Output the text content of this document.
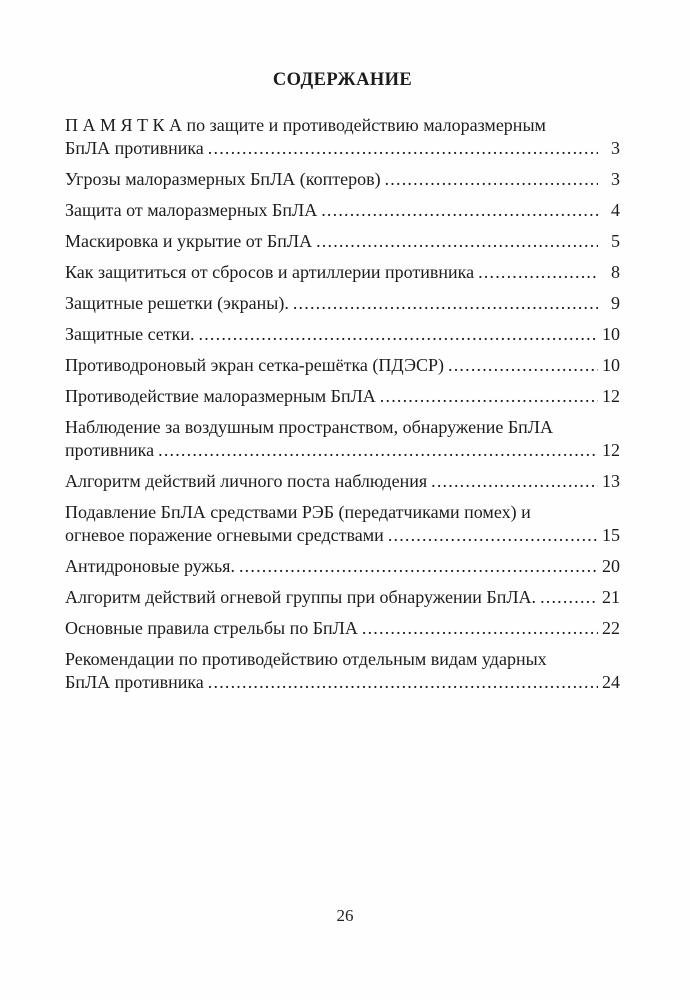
СОДЕРЖАНИЕ
П А М Я Т К А по защите и противодействию малоразмерным
БпЛА противника .....	3
Угрозы малоразмерных БпЛА (коптеров) .....	3
Защита от малоразмерных БпЛА .....	4
Маскировка и укрытие от БпЛА .....	5
Как защититься от сбросов и артиллерии противника .....	8
Защитные решетки (экраны). .....	9
Защитные сетки. .....	10
Противодроновый экран сетка-решётка (ПДЭСР) .....	10
Противодействие малоразмерным БпЛА .....	12
Наблюдение за воздушным пространством, обнаружение БпЛА
противника .....	12
Алгоритм действий личного поста наблюдения .....	13
Подавление БпЛА средствами РЭБ (передатчиками помех) и
огневое поражение огневыми средствами .....	15
Антидроновые ружья. .....	20
Алгоритм действий огневой группы при обнаружении БпЛА. .....	21
Основные правила стрельбы по БпЛА .....	22
Рекомендации по противодействию отдельным видам ударных
БпЛА противника .....	24
26
